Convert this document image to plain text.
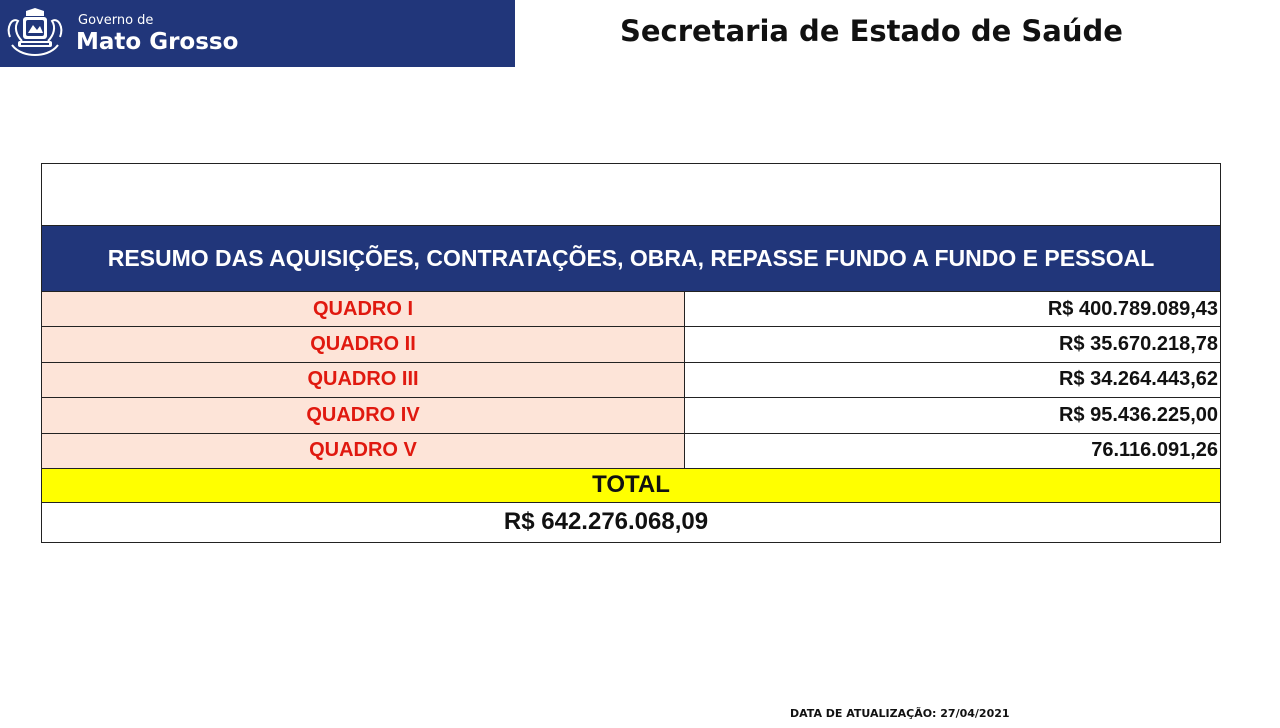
Governo de
Mato Grosso	Secretaria de Estado de Saúde
RESUMO DAS AQUISIÇÕES, CONTRATAÇÕES, OBRA, REPASSE FUNDO A FUNDO E PESSOAL
QUADRO I	R$ 400.789.089,43
QUADRO II	R$ 35.670.218,78
QUADRO III	R$ 34.264.443,62
QUADRO IV	R$ 95.436.225,00
QUADRO V	76.116.091,26
TOTAL
R$ 642.276.068,09
DATA DE ATUALIZAÇÃO: 27/04/2021
